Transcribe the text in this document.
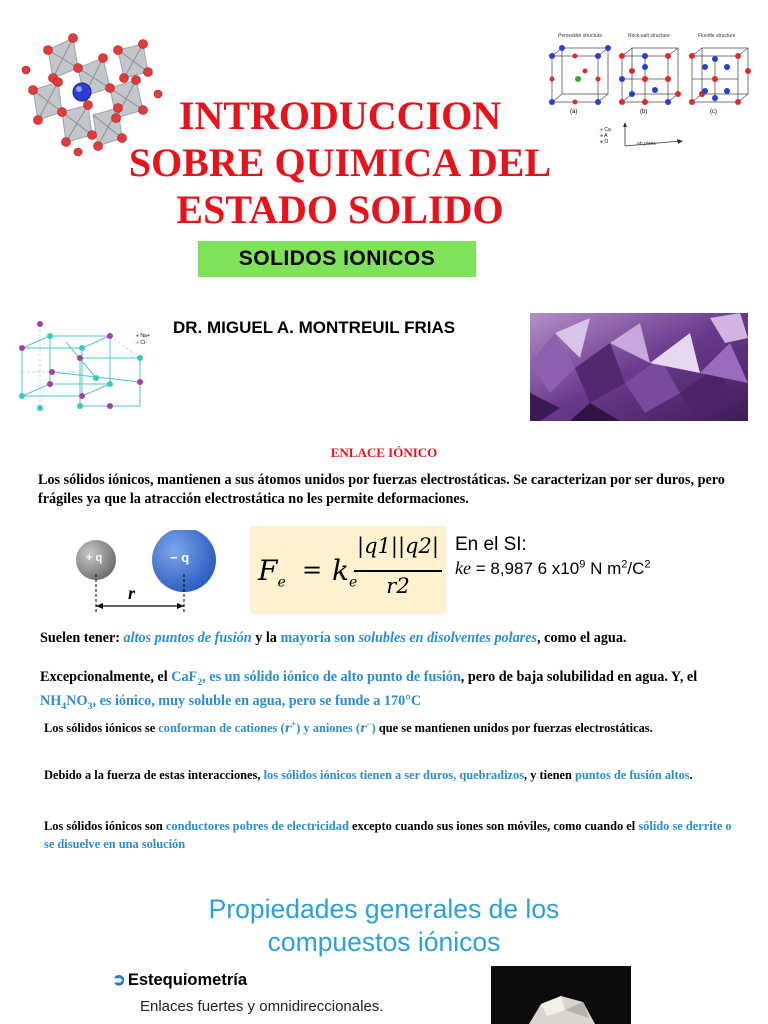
INTRODUCCION
SOBRE QUIMICA DEL
ESTADO SOLIDO
Perovskite structure	Rock-salt structure	Fluorite structure
(a)	(b)	(c)
● Ca
● A
● O	ab plane
SOLIDOS IONICOS
● Na+
● Cl-
DR. MIGUEL A. MONTREUIL FRIAS
ENLACE IÓNICO
Los sólidos iónicos, mantienen a sus átomos unidos por fuerzas electrostáticas. Se caracterizan por ser duros, pero frágiles ya que la atracción electrostática no les permite deformaciones.
+ q	− q
r
$F_e = k_e$
|q1||q2|
r2
En el SI:
ke = 8,987 6 $x10^9$ N $m^2/C^2$
Suelen tener: altos puntos de fusión y la mayoría son solubles en disolventes polares, como el agua.
Excepcionalmente, el CaF$_2$, es un sólido iónico de alto punto de fusión, pero de baja solubilidad en agua. Y, el $NH_4NO_3$, es iónico, muy soluble en agua, pero se funde a 170°C
Los sólidos iónicos se conforman de cationes (r+) y aniones (r−) que se mantienen unidos por fuerzas electrostáticas.
Debido a la fuerza de estas interacciones, los sólidos iónicos tienen a ser duros, quebradizos, y tienen puntos de fusión altos.
Los sólidos iónicos son conductores pobres de electricidad excepto cuando sus iones son móviles, como cuando el sólido se derrite o se disuelve en una solución
Propiedades generales de los
compuestos iónicos
➲ Estequiometría
Enlaces fuertes y omnidireccionales.
